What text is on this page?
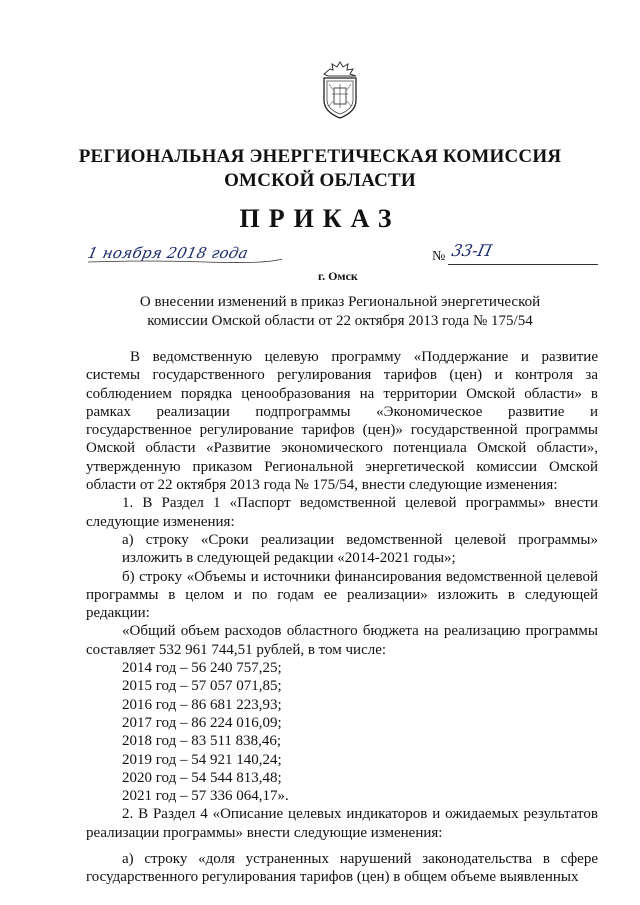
РЕГИОНАЛЬНАЯ ЭНЕРГЕТИЧЕСКАЯ КОМИССИЯ
ОМСКОЙ ОБЛАСТИ
ПРИКАЗ
1 ноября 2018 года	№ 33-П
г. Омск
О внесении изменений в приказ Региональной энергетической
комиссии Омской области от 22 октября 2013 года № 175/54

В ведомственную целевую программу «Поддержание и развитие системы государственного регулирования тарифов (цен) и контроля за соблюдением порядка ценообразования на территории Омской области» в рамках реализации подпрограммы «Экономическое развитие и государственное регулирование тарифов (цен)» государственной программы Омской области «Развитие экономического потенциала Омской области», утвержденную приказом Региональной энергетической комиссии Омской области от 22 октября 2013 года № 175/54, внести следующие изменения:

1. В Раздел 1 «Паспорт ведомственной целевой программы» внести следующие изменения:

а) строку «Сроки реализации ведомственной целевой программы» изложить в следующей редакции «2014-2021 годы»;

б) строку «Объемы и источники финансирования ведомственной целевой программы в целом и по годам ее реализации» изложить в следующей редакции:

«Общий объем расходов областного бюджета на реализацию программы составляет 532 961 744,51 рублей, в том числе:

2014 год – 56 240 757,25;
2015 год – 57 057 071,85;
2016 год – 86 681 223,93;
2017 год – 86 224 016,09;
2018 год – 83 511 838,46;
2019 год – 54 921 140,24;
2020 год – 54 544 813,48;
2021 год – 57 336 064,17».

2. В Раздел 4 «Описание целевых индикаторов и ожидаемых результатов реализации программы» внести следующие изменения:

а) строку «доля устраненных нарушений законодательства в сфере государственного регулирования тарифов (цен) в общем объеме выявленных
